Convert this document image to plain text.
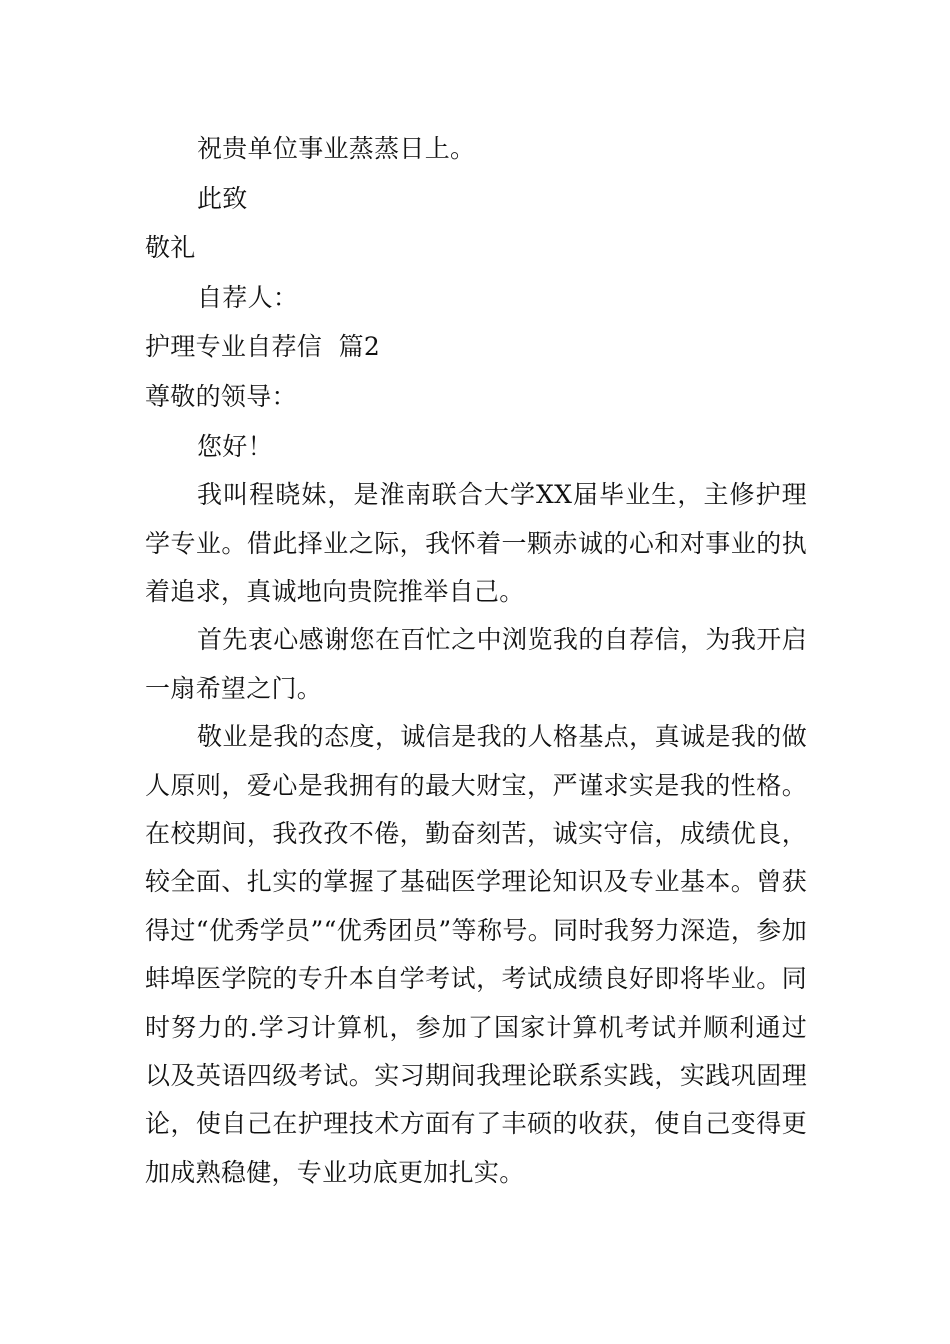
祝贵单位事业蒸蒸日上。
此致
敬礼
自荐人：
护理专业自荐信  篇2
尊敬的领导：
您好！

我叫程晓妹，是淮南联合大学XX届毕业生，主修护理学专业。借此择业之际，我怀着一颗赤诚的心和对事业的执着追求，真诚地向贵院推举自己。

首先衷心感谢您在百忙之中浏览我的自荐信，为我开启一扇希望之门。

敬业是我的态度，诚信是我的人格基点，真诚是我的做人原则，爱心是我拥有的最大财宝，严谨求实是我的性格。在校期间，我孜孜不倦，勤奋刻苦，诚实守信，成绩优良，较全面、扎实的掌握了基础医学理论知识及专业基本。曾获得过“优秀学员”“优秀团员”等称号。同时我努力深造，参加蚌埠医学院的专升本自学考试，考试成绩良好即将毕业。同时努力的.学习计算机，参加了国家计算机考试并顺利通过以及英语四级考试。实习期间我理论联系实践，实践巩固理论，使自己在护理技术方面有了丰硕的收获，使自己变得更加成熟稳健，专业功底更加扎实。
